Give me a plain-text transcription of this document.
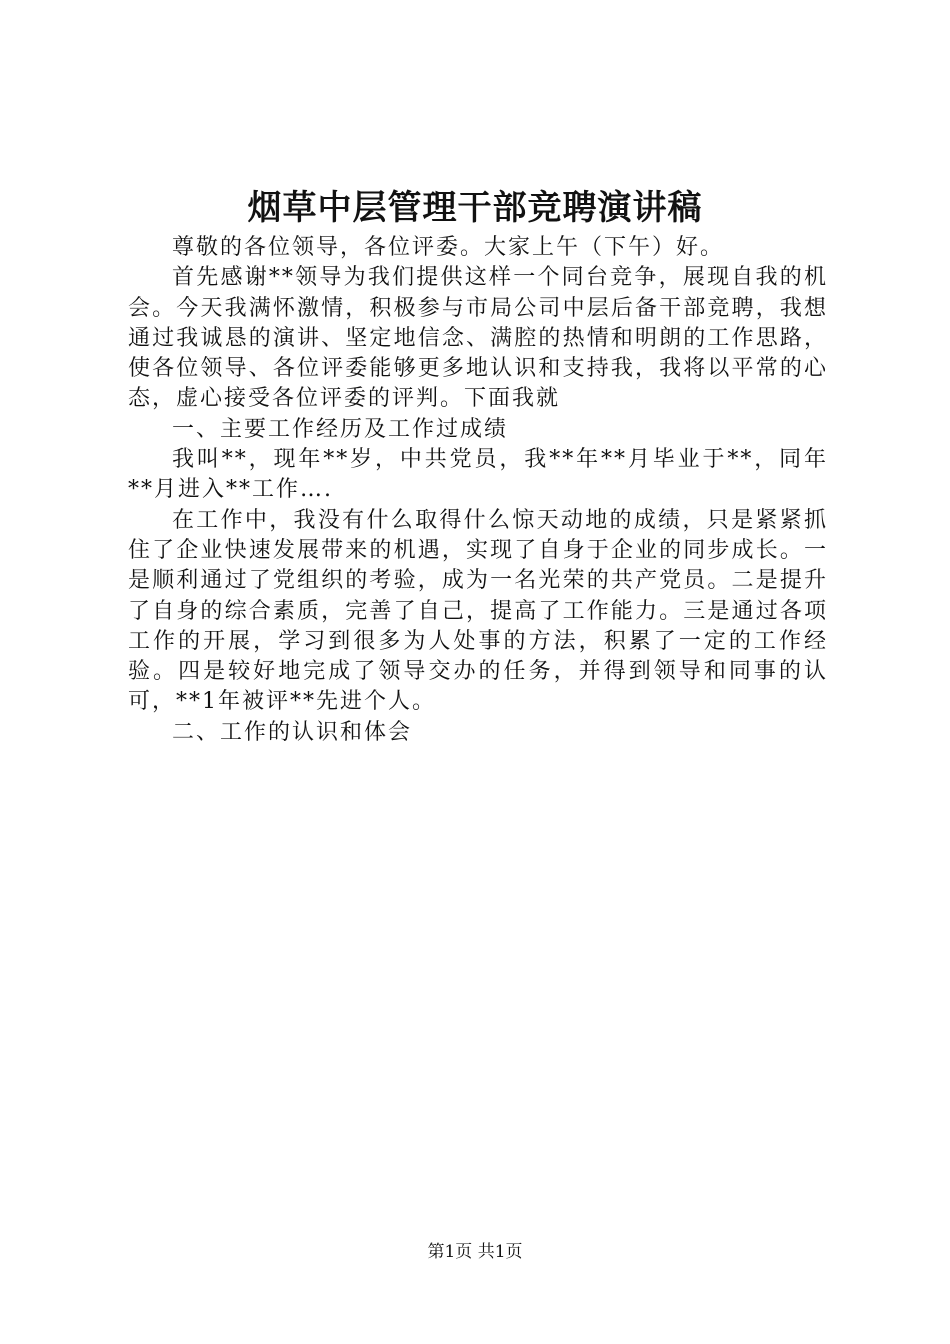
烟草中层管理干部竞聘演讲稿

尊敬的各位领导，各位评委。大家上午（下午）好。

首先感谢**领导为我们提供这样一个同台竞争，展现自我的机会。今天我满怀激情，积极参与市局公司中层后备干部竞聘，我想通过我诚恳的演讲、坚定地信念、满腔的热情和明朗的工作思路，使各位领导、各位评委能够更多地认识和支持我，我将以平常的心态，虚心接受各位评委的评判。下面我就

一、主要工作经历及工作过成绩

我叫**，现年**岁，中共党员，我**年**月毕业于**，同年**月进入**工作….

在工作中，我没有什么取得什么惊天动地的成绩，只是紧紧抓住了企业快速发展带来的机遇，实现了自身于企业的同步成长。一是顺利通过了党组织的考验，成为一名光荣的共产党员。二是提升了自身的综合素质，完善了自己，提高了工作能力。三是通过各项工作的开展，学习到很多为人处事的方法，积累了一定的工作经验。四是较好地完成了领导交办的任务，并得到领导和同事的认可，**1年被评**先进个人。

二、工作的认识和体会

第1页 共1页
